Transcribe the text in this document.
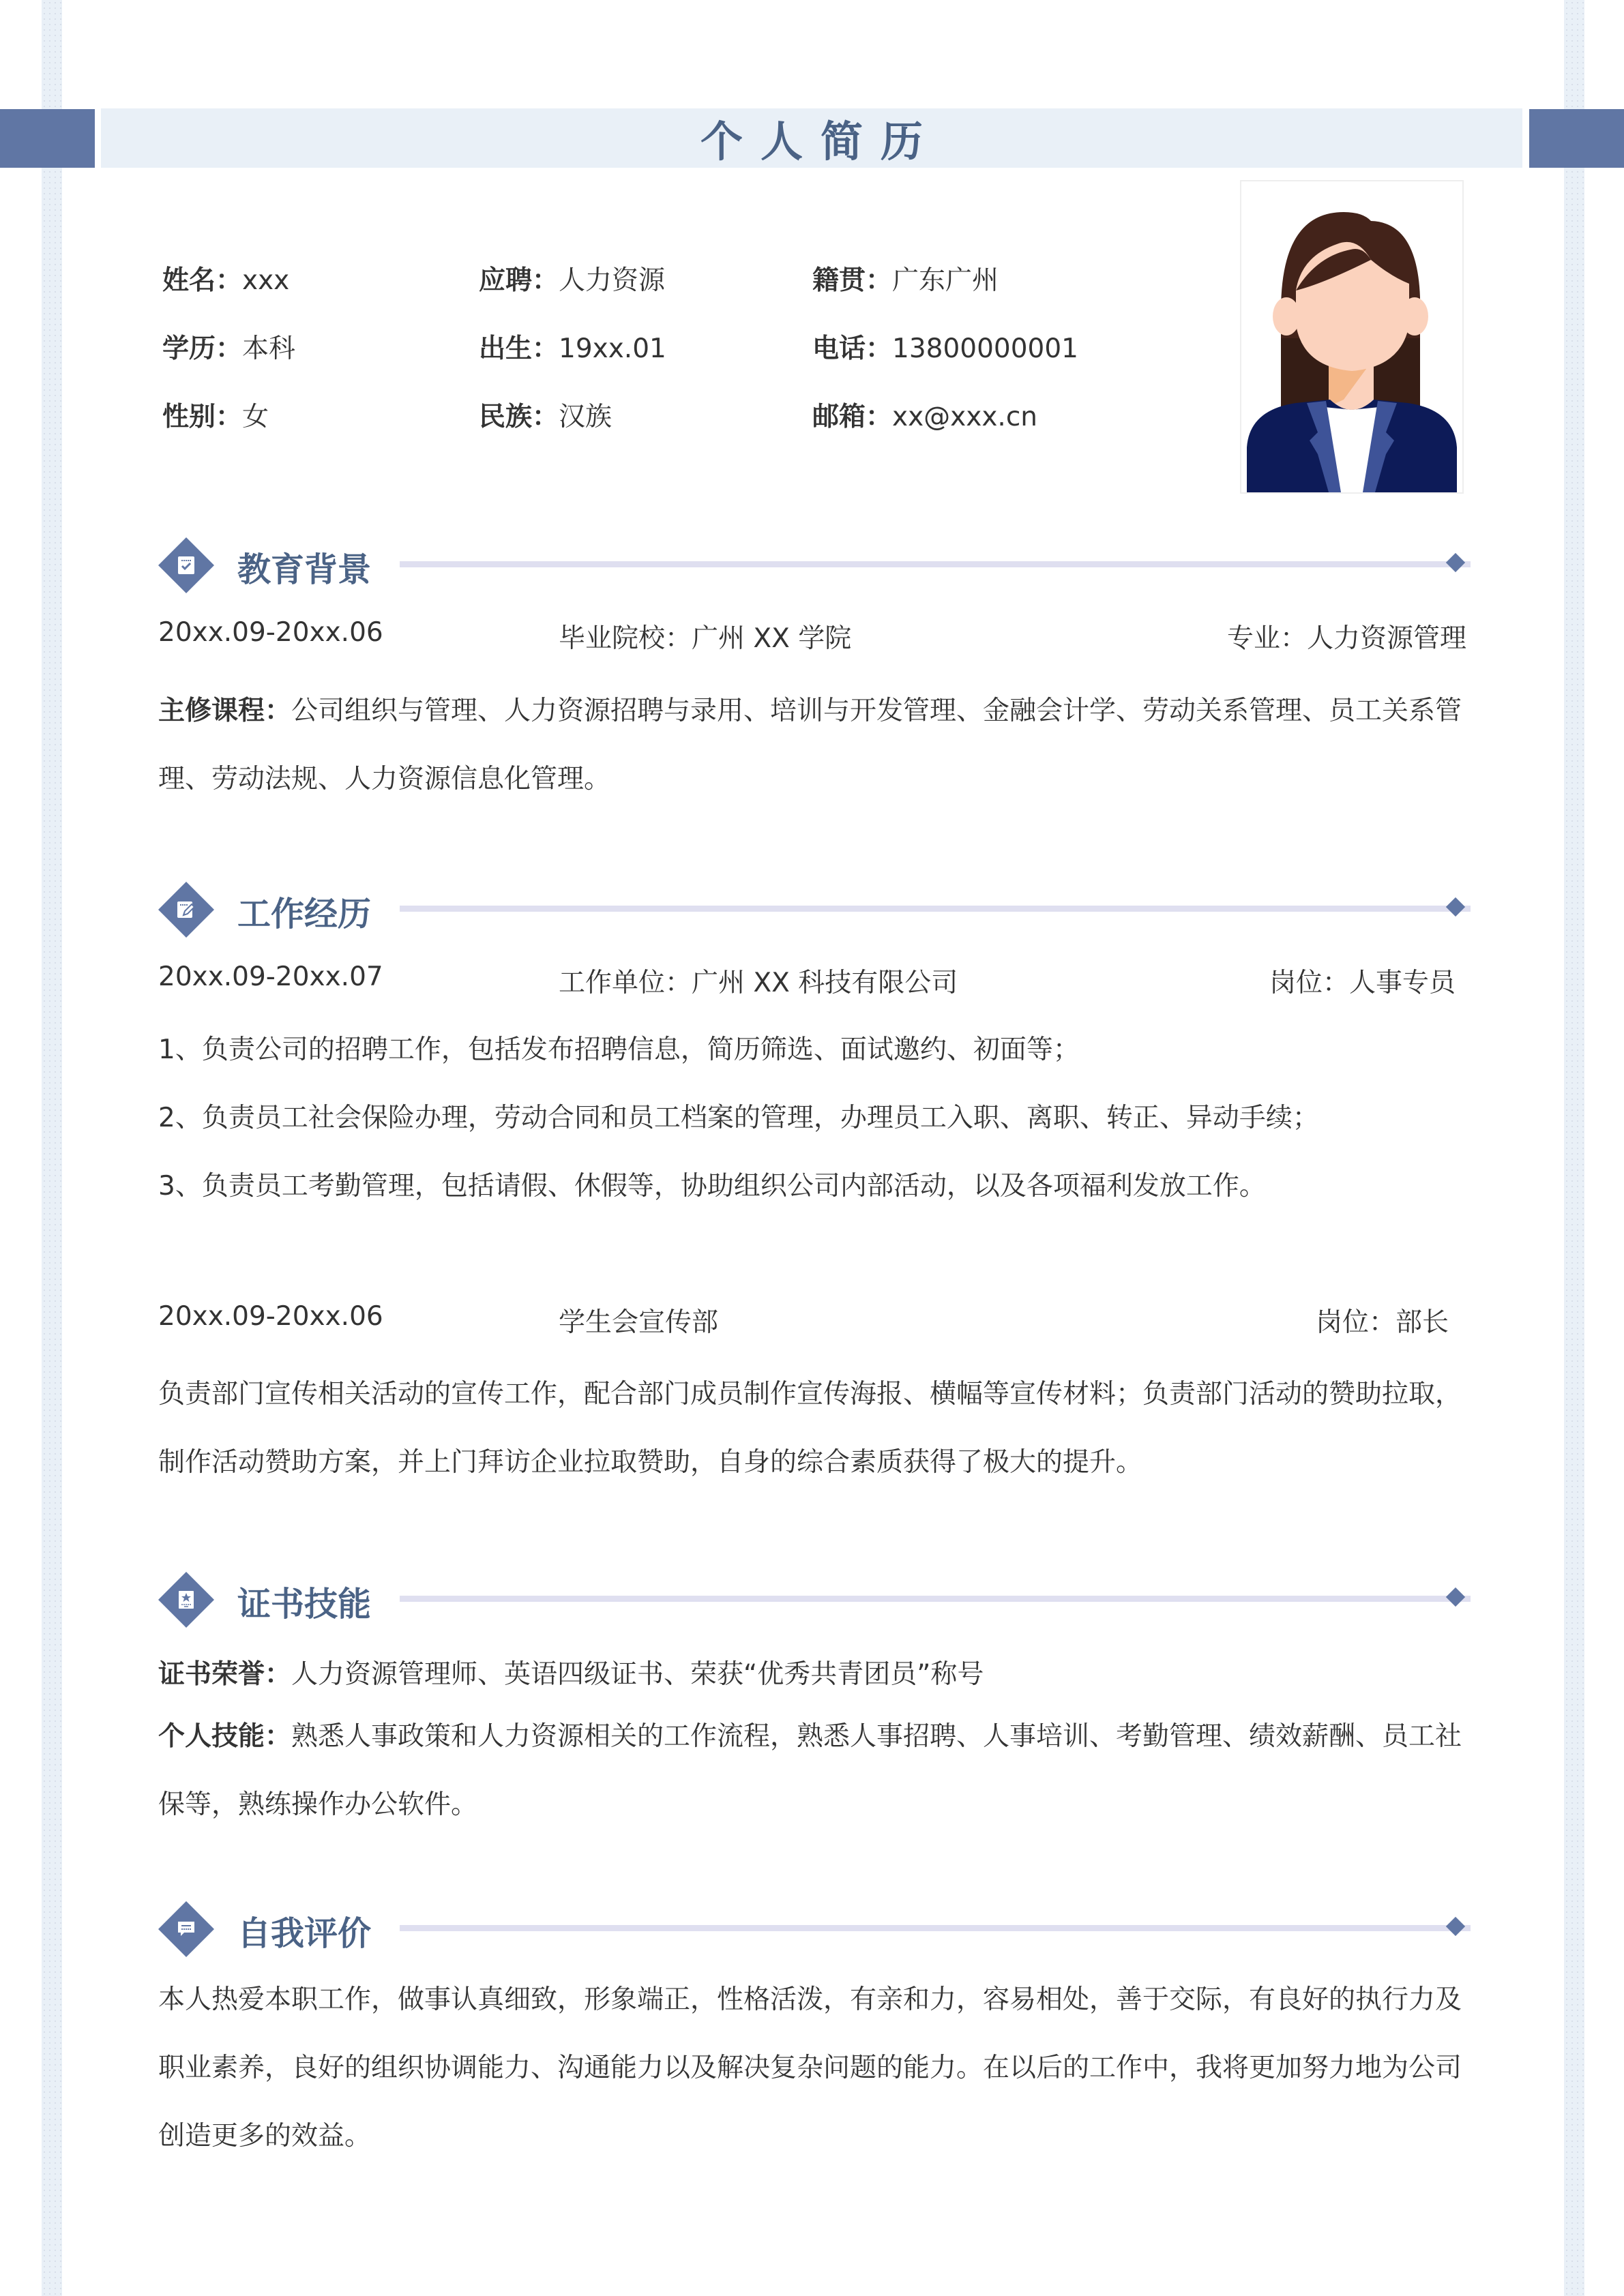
个人简历
姓名：xxx	应聘：人力资源	籍贯：广东广州
学历：本科	出生：19xx.01	电话：13800000001
性别：女	民族：汉族	邮箱：xx@xxx.cn
教育背景
20xx.09-20xx.06	毕业院校：广州 XX 学院	专业：人力资源管理
主修课程：公司组织与管理、人力资源招聘与录用、培训与开发管理、金融会计学、劳动关系管理、员工关系管理、劳动法规、人力资源信息化管理。
工作经历
20xx.09-20xx.07	工作单位：广州 XX 科技有限公司	岗位：人事专员
1、负责公司的招聘工作，包括发布招聘信息，简历筛选、面试邀约、初面等；
2、负责员工社会保险办理，劳动合同和员工档案的管理，办理员工入职、离职、转正、异动手续；
3、负责员工考勤管理，包括请假、休假等，协助组织公司内部活动，以及各项福利发放工作。
20xx.09-20xx.06	学生会宣传部	岗位：部长
负责部门宣传相关活动的宣传工作，配合部门成员制作宣传海报、横幅等宣传材料；负责部门活动的赞助拉取，制作活动赞助方案，并上门拜访企业拉取赞助，自身的综合素质获得了极大的提升。
证书技能
证书荣誉：人力资源管理师、英语四级证书、荣获“优秀共青团员”称号
个人技能：熟悉人事政策和人力资源相关的工作流程，熟悉人事招聘、人事培训、考勤管理、绩效薪酬、员工社保等，熟练操作办公软件。
自我评价
本人热爱本职工作，做事认真细致，形象端正，性格活泼，有亲和力，容易相处，善于交际，有良好的执行力及职业素养，良好的组织协调能力、沟通能力以及解决复杂问题的能力。在以后的工作中，我将更加努力地为公司创造更多的效益。
